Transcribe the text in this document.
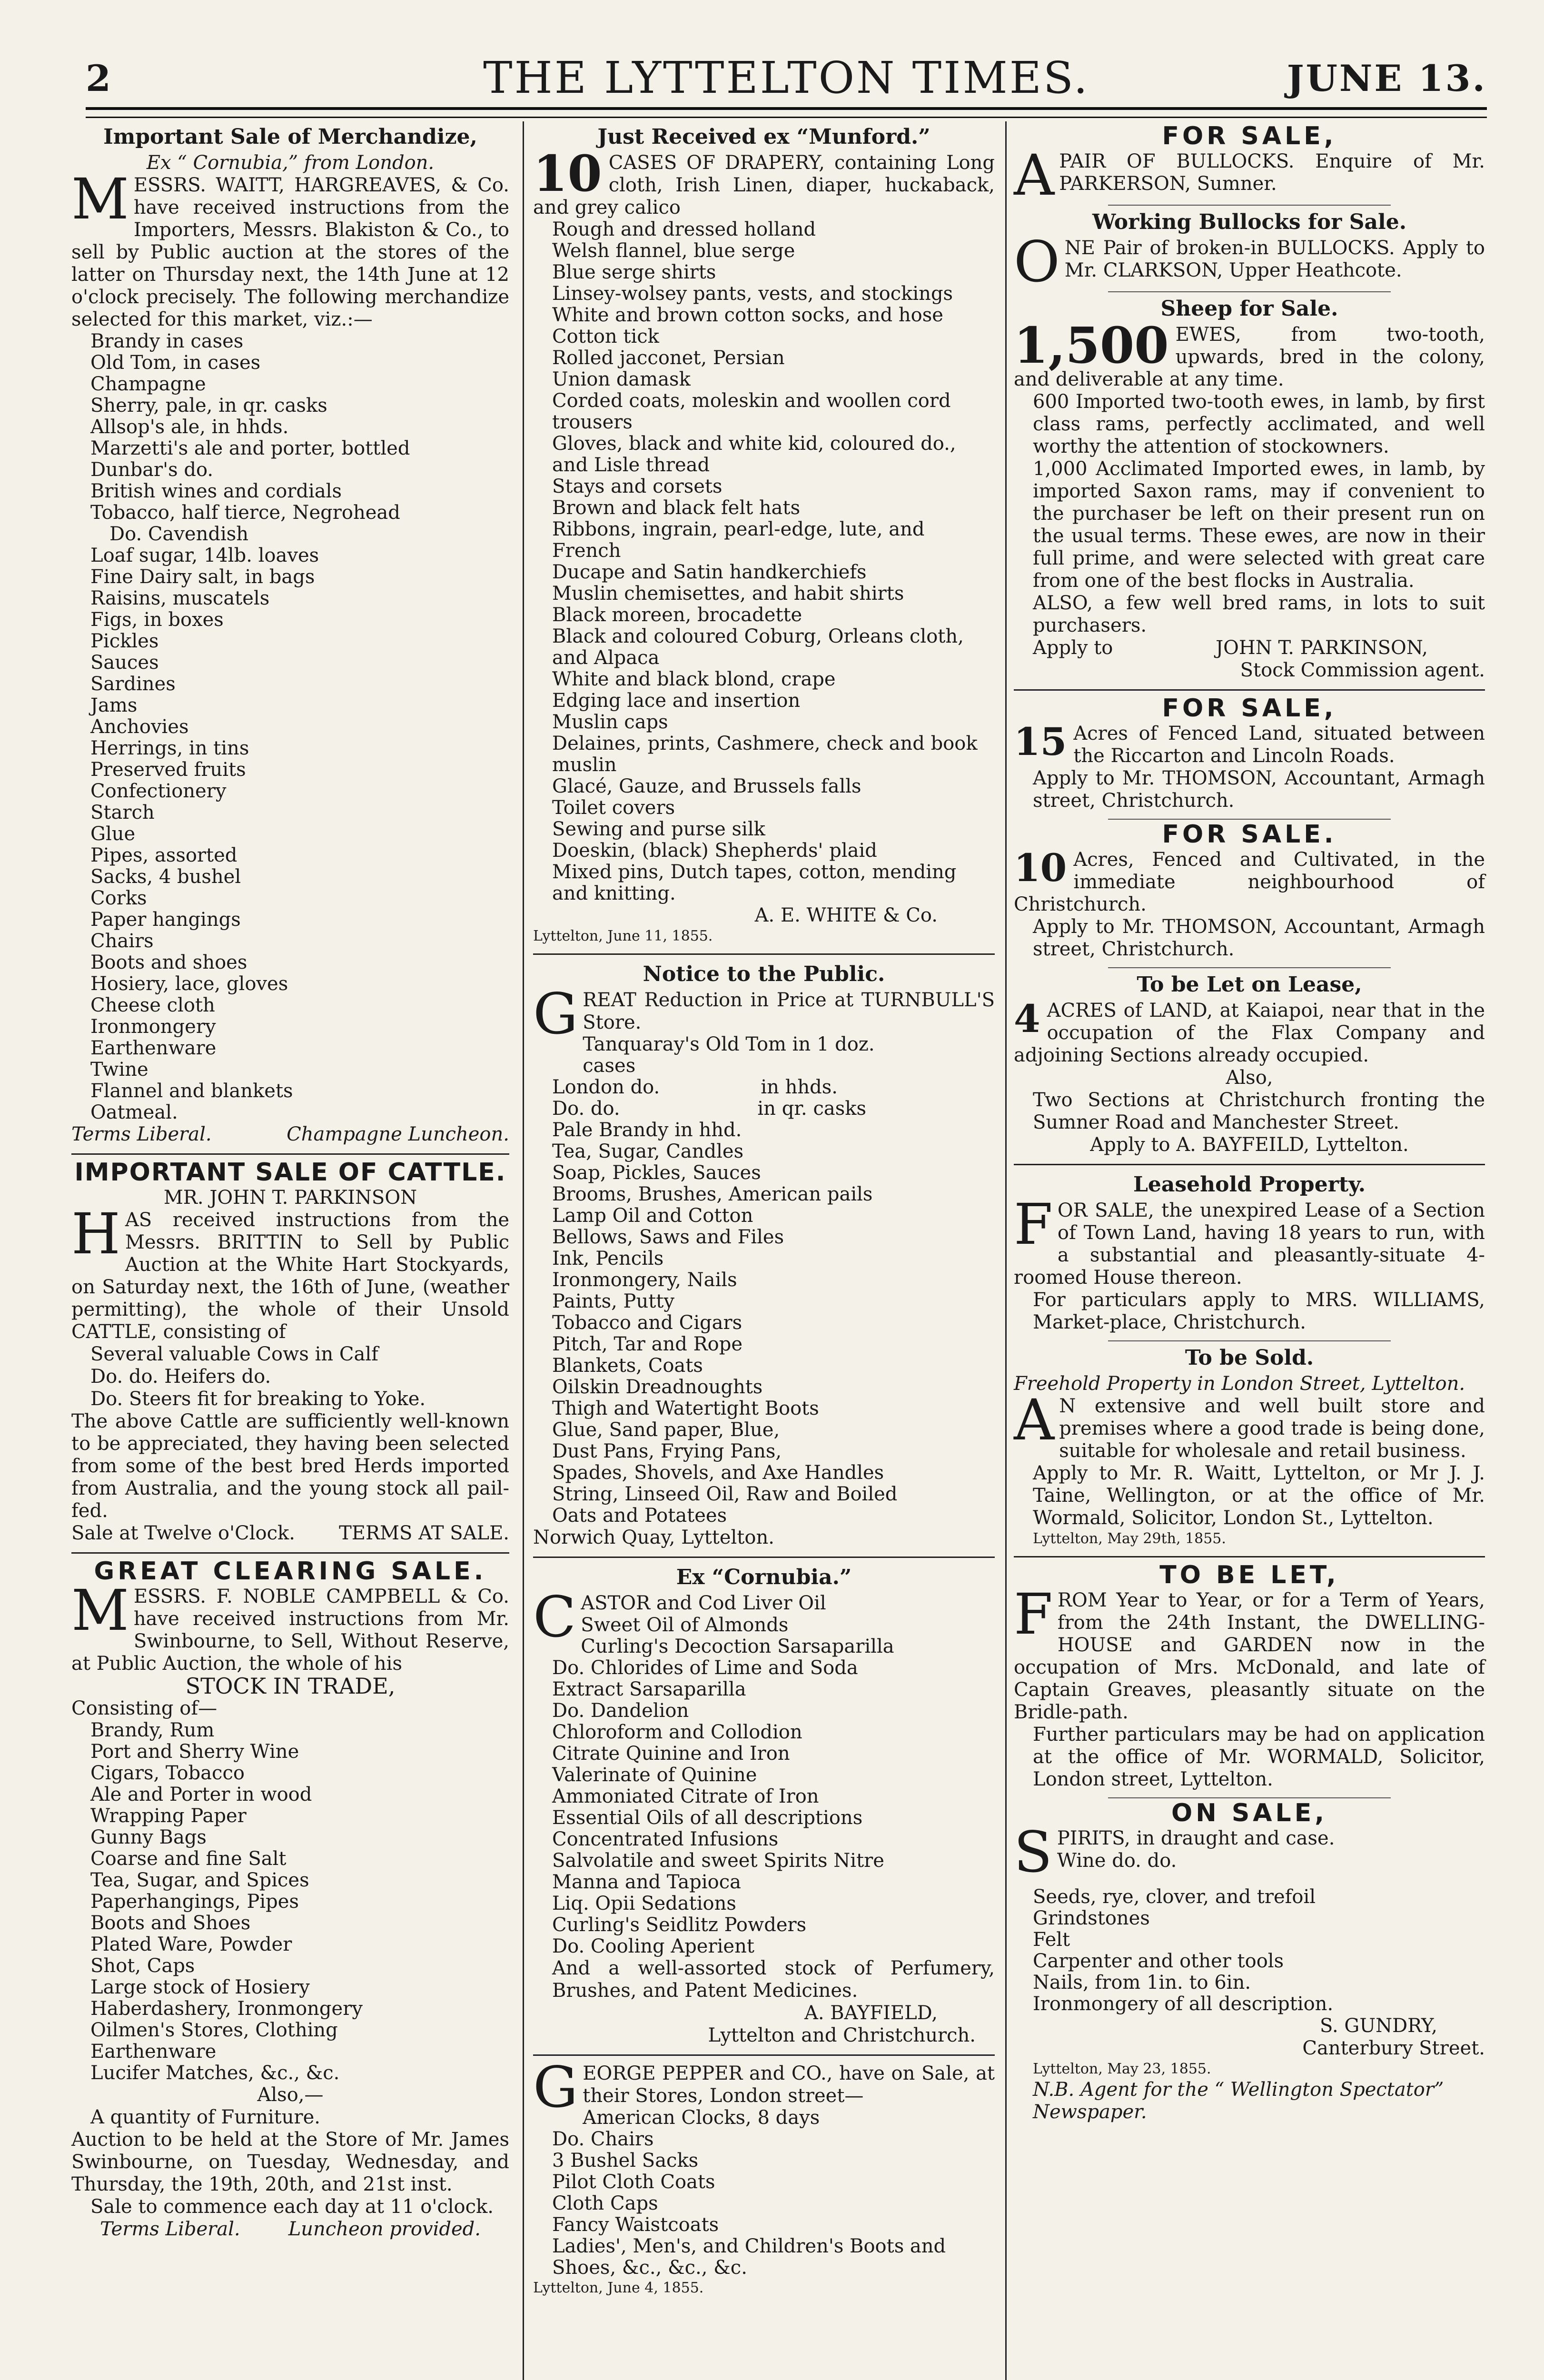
2	THE LYTTELTON TIMES.	JUNE 13.
Important Sale of Merchandize,
Ex “ Cornubia,” from London.

MESSRS. WAITT, HARGREAVES, & Co. have received instructions from the Importers, Messrs. Blakiston & Co., to sell by Public auction at the stores of the latter on Thursday next, the 14th June at 12 o'clock precisely. The following merchandize selected for this market, viz.:—

Brandy in cases
Old Tom, in cases
Champagne
Sherry, pale, in qr. casks
Allsop's ale, in hhds.
Marzetti's ale and porter, bottled
Dunbar's do.
British wines and cordials
Tobacco, half tierce, Negrohead
Do. Cavendish
Loaf sugar, 14lb. loaves
Fine Dairy salt, in bags
Raisins, muscatels
Figs, in boxes
Pickles
Sauces
Sardines
Jams
Anchovies
Herrings, in tins
Preserved fruits
Confectionery
Starch
Glue
Pipes, assorted
Sacks, 4 bushel
Corks
Paper hangings
Chairs
Boots and shoes
Hosiery, lace, gloves
Cheese cloth
Ironmongery
Earthenware
Twine
Flannel and blankets
Oatmeal.
Terms Liberal.	Champagne Luncheon.
IMPORTANT SALE OF CATTLE.
MR. JOHN T. PARKINSON

HAS received instructions from the Messrs. BRITTIN to Sell by Public Auction at the White Hart Stockyards, on Saturday next, the 16th of June, (weather permitting), the whole of their Unsold CATTLE, consisting of

Several valuable Cows in Calf
Do. do. Heifers do.
Do. Steers fit for breaking to Yoke.

The above Cattle are sufficiently well-known to be appreciated, they having been selected from some of the best bred Herds imported from Australia, and the young stock all pail-fed.

Sale at Twelve o'Clock. TERMS AT SALE.
GREAT CLEARING SALE.

MESSRS. F. NOBLE CAMPBELL & Co. have received instructions from Mr. Swinbourne, to Sell, Without Reserve, at Public Auction, the whole of his

STOCK IN TRADE,
Consisting of—
Brandy, Rum
Port and Sherry Wine
Cigars, Tobacco
Ale and Porter in wood
Wrapping Paper
Gunny Bags
Coarse and fine Salt
Tea, Sugar, and Spices
Paperhangings, Pipes
Boots and Shoes
Plated Ware, Powder
Shot, Caps
Large stock of Hosiery
Haberdashery, Ironmongery
Oilmen's Stores, Clothing
Earthenware
Lucifer Matches, &c., &c.
Also,—
A quantity of Furniture.

Auction to be held at the Store of Mr. James Swinbourne, on Tuesday, Wednesday, and Thursday, the 19th, 20th, and 21st inst.

Sale to commence each day at 11 o'clock.
Terms Liberal.	Luncheon provided.
Just Received ex “Munford.”

10 CASES OF DRAPERY, containing Long cloth, Irish Linen, diaper, huckaback, and grey calico

Rough and dressed holland
Welsh flannel, blue serge
Blue serge shirts
Linsey-wolsey pants, vests, and stockings
White and brown cotton socks, and hose
Cotton tick
Rolled jacconet, Persian
Union damask
Corded coats, moleskin and woollen cord trousers
Gloves, black and white kid, coloured do., and Lisle thread
Stays and corsets
Brown and black felt hats
Ribbons, ingrain, pearl-edge, lute, and French
Ducape and Satin handkerchiefs
Muslin chemisettes, and habit shirts
Black moreen, brocadette
Black and coloured Coburg, Orleans cloth, and Alpaca
White and black blond, crape
Edging lace and insertion
Muslin caps
Delaines, prints, Cashmere, check and book muslin
Glacé, Gauze, and Brussels falls
Toilet covers
Sewing and purse silk
Doeskin, (black) Shepherds' plaid
Mixed pins, Dutch tapes, cotton, mending and knitting.
A. E. WHITE & Co.
Lyttelton, June 11, 1855.
Notice to the Public.

GREAT Reduction in Price at TURNBULL'S Store.

Tanquaray's Old Tom in 1 doz. cases
London do.	in hhds.
Do. do.	in qr. casks
Pale Brandy in hhd.
Tea, Sugar, Candles
Soap, Pickles, Sauces
Brooms, Brushes, American pails
Lamp Oil and Cotton
Bellows, Saws and Files
Ink, Pencils
Ironmongery, Nails
Paints, Putty
Tobacco and Cigars
Pitch, Tar and Rope
Blankets, Coats
Oilskin Dreadnoughts
Thigh and Watertight Boots
Glue, Sand paper, Blue,
Dust Pans, Frying Pans,
Spades, Shovels, and Axe Handles
String, Linseed Oil, Raw and Boiled
Oats and Potatees
Norwich Quay, Lyttelton.
Ex “Cornubia.”

CASTOR and Cod Liver Oil

Sweet Oil of Almonds
Curling's Decoction Sarsaparilla
Do. Chlorides of Lime and Soda
Extract Sarsaparilla
Do. Dandelion
Chloroform and Collodion
Citrate Quinine and Iron
Valerinate of Quinine
Ammoniated Citrate of Iron
Essential Oils of all descriptions
Concentrated Infusions
Salvolatile and sweet Spirits Nitre
Manna and Tapioca
Liq. Opii Sedations
Curling's Seidlitz Powders
Do. Cooling Aperient

And a well-assorted stock of Perfumery, Brushes, and Patent Medicines.

A. BAYFIELD,
Lyttelton and Christchurch.

GEORGE PEPPER and CO., have on Sale, at their Stores, London street—

American Clocks, 8 days
Do. Chairs
3 Bushel Sacks
Pilot Cloth Coats
Cloth Caps
Fancy Waistcoats
Ladies', Men's, and Children's Boots and Shoes, &c., &c., &c.
Lyttelton, June 4, 1855.
FOR SALE,

APAIR OF BULLOCKS. Enquire of Mr. PARKERSON, Sumner.

Working Bullocks for Sale.

ONE Pair of broken-in BULLOCKS. Apply to Mr. CLARKSON, Upper Heathcote.

Sheep for Sale.

1,500 EWES, from two-tooth, upwards, bred in the colony, and deliverable at any time.

600 Imported two-tooth ewes, in lamb, by first class rams, perfectly acclimated, and well worthy the attention of stockowners.

1,000 Acclimated Imported ewes, in lamb, by imported Saxon rams, may if convenient to the purchaser be left on their present run on the usual terms. These ewes, are now in their full prime, and were selected with great care from one of the best flocks in Australia.

ALSO, a few well bred rams, in lots to suit purchasers.

Apply to	JOHN T. PARKINSON,
Stock Commission agent.
FOR SALE,

15 Acres of Fenced Land, situated between the Riccarton and Lincoln Roads.

Apply to Mr. THOMSON, Accountant, Armagh street, Christchurch.

FOR SALE.

10 Acres, Fenced and Cultivated, in the immediate neighbourhood of Christchurch.

Apply to Mr. THOMSON, Accountant, Armagh street, Christchurch.

To be Let on Lease,

4 ACRES of LAND, at Kaiapoi, near that in the occupation of the Flax Company and adjoining Sections already occupied.

Also,

Two Sections at Christchurch fronting the Sumner Road and Manchester Street.

Apply to A. BAYFEILD, Lyttelton.
Leasehold Property.

FOR SALE, the unexpired Lease of a Section of Town Land, having 18 years to run, with a substantial and pleasantly-situate 4-roomed House thereon.

For particulars apply to MRS. WILLIAMS, Market-place, Christchurch.

To be Sold.
Freehold Property in London Street, Lyttelton.

A N extensive and well built store and premises where a good trade is being done, suitable for wholesale and retail business.

Apply to Mr. R. Waitt, Lyttelton, or Mr J. J. Taine, Wellington, or at the office of Mr. Wormald, Solicitor, London St., Lyttelton.

Lyttelton, May 29th, 1855.
TO BE LET,

FROM Year to Year, or for a Term of Years, from the 24th Instant, the DWELLING-HOUSE and GARDEN now in the occupation of Mrs. McDonald, and late of Captain Greaves, pleasantly situate on the Bridle-path.

Further particulars may be had on application at the office of Mr. WORMALD, Solicitor, London street, Lyttelton.

ON SALE,

SPIRITS, in draught and case.

Wine do. do.
Seeds, rye, clover, and trefoil
Grindstones
Felt
Carpenter and other tools
Nails, from 1in. to 6in.
Ironmongery of all description.
S. GUNDRY,
Canterbury Street.
Lyttelton, May 23, 1855.
N.B. Agent for the “ Wellington Spectator” Newspaper.
